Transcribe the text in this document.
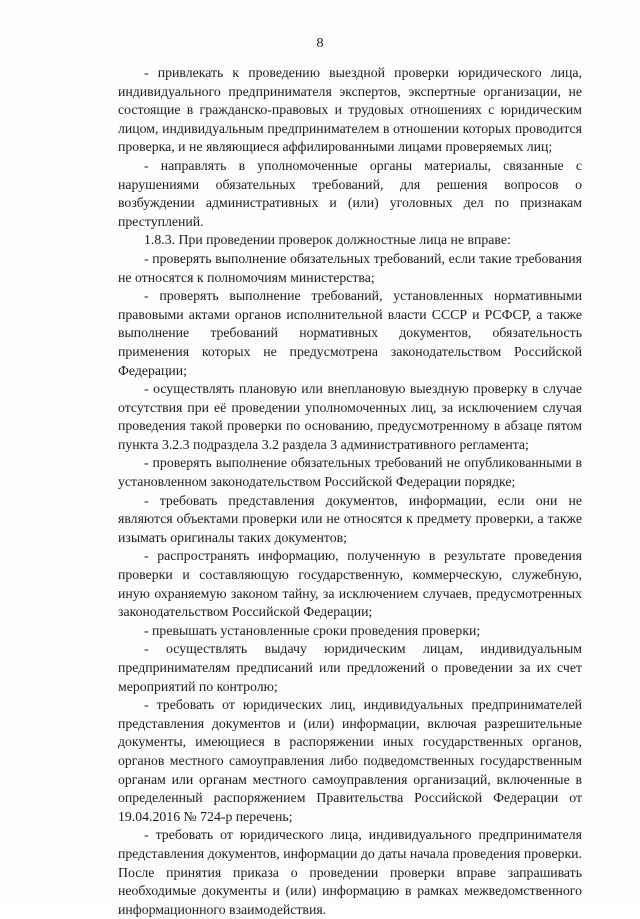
8

- привлекать к проведению выездной проверки юридического лица, индивидуального предпринимателя экспертов, экспертные организации, не состоящие в гражданско-правовых и трудовых отношениях с юридическим лицом, индивидуальным предпринимателем в отношении которых проводится проверка, и не являющиеся аффилированными лицами проверяемых лиц;

- направлять в уполномоченные органы материалы, связанные с нарушениями обязательных требований, для решения вопросов о возбуждении административных и (или) уголовных дел по признакам преступлений.

1.8.3. При проведении проверок должностные лица не вправе:

- проверять выполнение обязательных требований, если такие требования не относятся к полномочиям министерства;

- проверять выполнение требований, установленных нормативными правовыми актами органов исполнительной власти СССР и РСФСР, а также выполнение требований нормативных документов, обязательность применения которых не предусмотрена законодательством Российской Федерации;

- осуществлять плановую или внеплановую выездную проверку в случае отсутствия при её проведении уполномоченных лиц, за исключением случая проведения такой проверки по основанию, предусмотренному в абзаце пятом пункта 3.2.3 подраздела 3.2 раздела 3 административного регламента;

- проверять выполнение обязательных требований не опубликованными в установленном законодательством Российской Федерации порядке;

- требовать представления документов, информации, если они не являются объектами проверки или не относятся к предмету проверки, а также изымать оригиналы таких документов;

- распространять информацию, полученную в результате проведения проверки и составляющую государственную, коммерческую, служебную, иную охраняемую законом тайну, за исключением случаев, предусмотренных законодательством Российской Федерации;

- превышать установленные сроки проведения проверки;

- осуществлять выдачу юридическим лицам, индивидуальным предпринимателям предписаний или предложений о проведении за их счет мероприятий по контролю;

- требовать от юридических лиц, индивидуальных предпринимателей представления документов и (или) информации, включая разрешительные документы, имеющиеся в распоряжении иных государственных органов, органов местного самоуправления либо подведомственных государственным органам или органам местного самоуправления организаций, включенные в определенный распоряжением Правительства Российской Федерации от 19.04.2016 № 724-р перечень;

- требовать от юридического лица, индивидуального предпринимателя представления документов, информации до даты начала проведения проверки. После принятия приказа о проведении проверки вправе запрашивать необходимые документы и (или) информацию в рамках межведомственного информационного взаимодействия.
